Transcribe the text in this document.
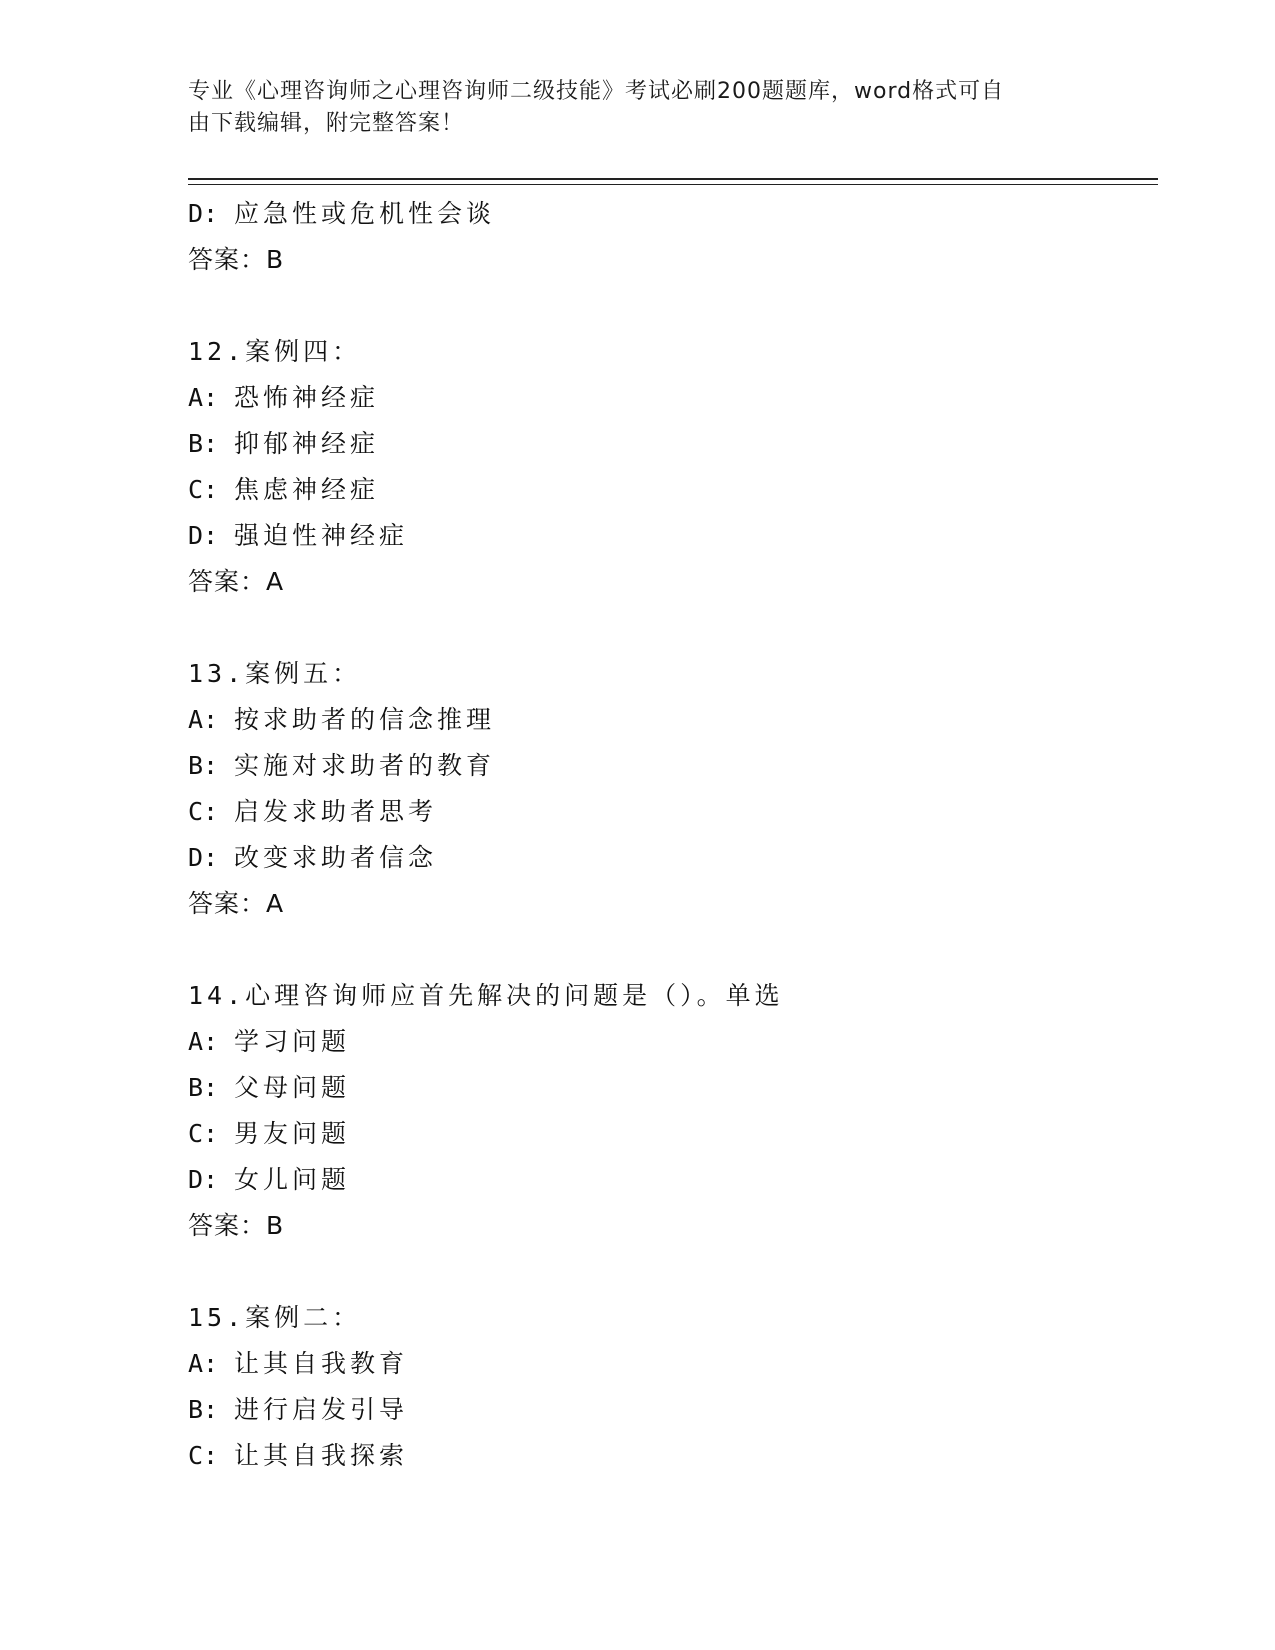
专业《心理咨询师之心理咨询师二级技能》考试必刷200题题库，word格式可自
由下载编辑，附完整答案！
D: 应急性或危机性会谈
答案：B
12.案例四：
A: 恐怖神经症
B: 抑郁神经症
C: 焦虑神经症
D: 强迫性神经症
答案：A
13.案例五：
A: 按求助者的信念推理
B: 实施对求助者的教育
C: 启发求助者思考
D: 改变求助者信念
答案：A
14.心理咨询师应首先解决的问题是（）。单选
A: 学习问题
B: 父母问题
C: 男友问题
D: 女儿问题
答案：B
15.案例二：
A: 让其自我教育
B: 进行启发引导
C: 让其自我探索
